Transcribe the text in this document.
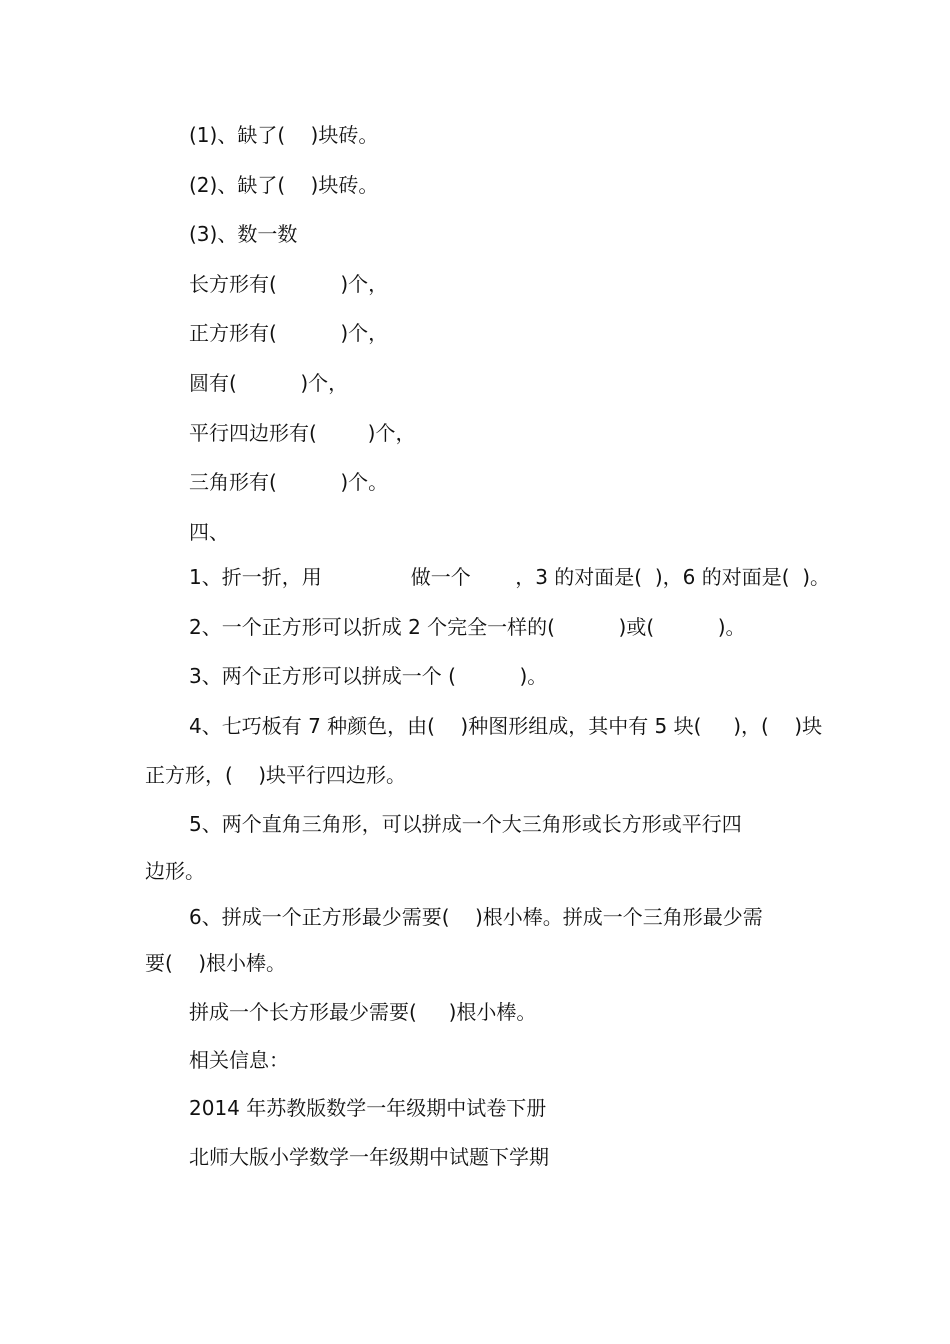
(1)、缺了(    )块砖。
(2)、缺了(    )块砖。
(3)、数一数
长方形有(          )个，
正方形有(          )个，
圆有(          )个，
平行四边形有(        )个，
三角形有(          )个。
四、
1、折一折，用              做一个       ，3 的对面是(  )，6 的对面是(  )。
2、一个正方形可以折成 2 个完全一样的(          )或(          )。
3、两个正方形可以拼成一个 (          )。
4、七巧板有 7 种颜色，由(    )种图形组成，其中有 5 块(     )，(    )块
正方形，(    )块平行四边形。
5、两个直角三角形，可以拼成一个大三角形或长方形或平行四
边形。
6、拼成一个正方形最少需要(    )根小棒。拼成一个三角形最少需
要(    )根小棒。
拼成一个长方形最少需要(     )根小棒。
相关信息：
2014 年苏教版数学一年级期中试卷下册
北师大版小学数学一年级期中试题下学期
